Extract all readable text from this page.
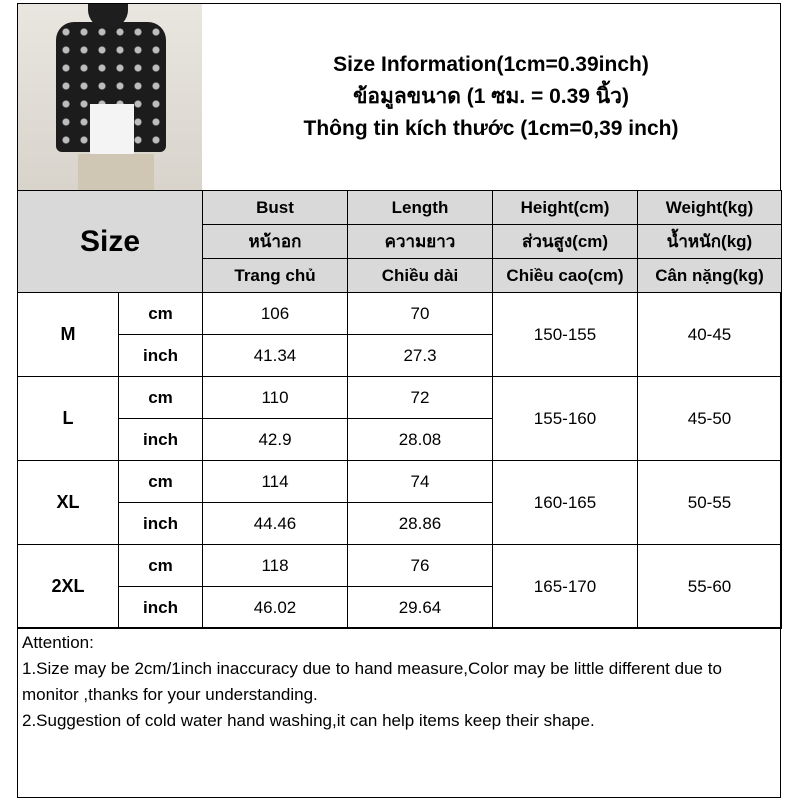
Size Information(1cm=0.39inch)
ข้อมูลขนาด (1 ซม. = 0.39 นิ้ว)
Thông tin kích thước (1cm=0,39 inch)
Size		Bust	Length	Height(cm)	Weight(kg)
		หน้าอก	ความยาว	ส่วนสูง(cm)	น้ำหนัก(kg)
		Trang chủ	Chiều dài	Chiều cao(cm)	Cân nặng(kg)
M	cm	106	70	150-155	40-45
	inch	41.34	27.3		
L	cm	110	72	155-160	45-50
	inch	42.9	28.08		
XL	cm	114	74	160-165	50-55
	inch	44.46	28.86		
2XL	cm	118	76	165-170	55-60
	inch	46.02	29.64		
Attention:
1.Size may be 2cm/1inch inaccuracy due to hand measure,Color may be little different due to monitor ,thanks for your understanding.
2.Suggestion of cold water hand washing,it can help items keep their shape.
